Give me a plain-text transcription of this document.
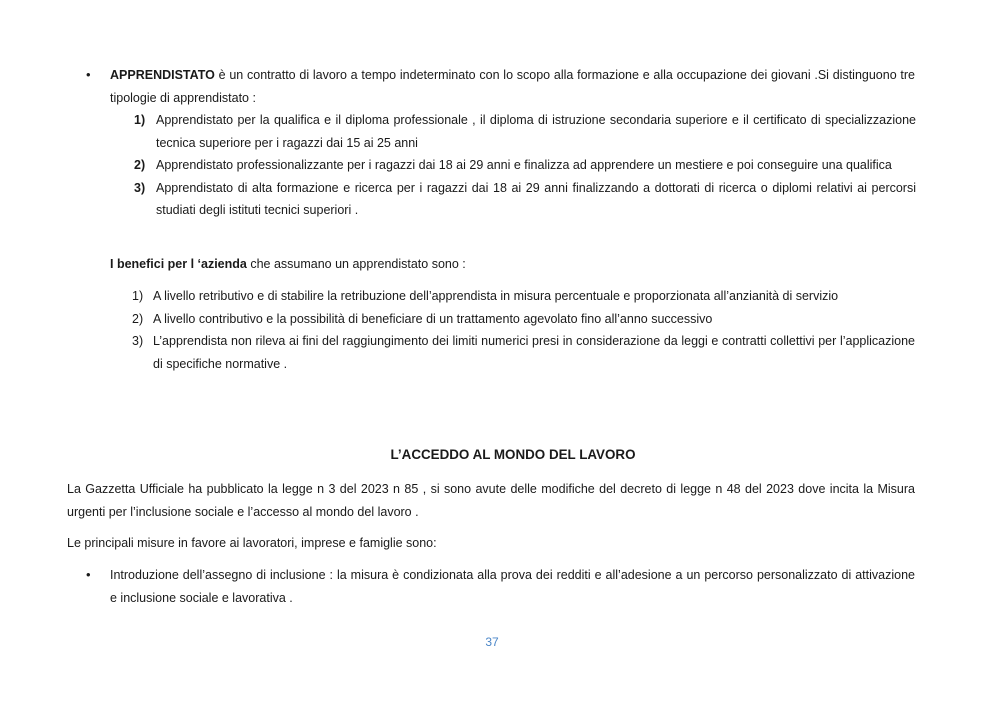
•	APPRENDISTATO è un contratto di lavoro a tempo indeterminato con lo scopo alla formazione e alla occupazione dei giovani .Si distinguono tre tipologie di apprendistato :
1) Apprendistato per la qualifica e il diploma professionale , il diploma di istruzione secondaria superiore e il certificato di specializzazione tecnica superiore per i ragazzi dai 15 ai 25 anni
2) Apprendistato professionalizzante per i ragazzi dai 18 ai 29 anni e finalizza ad apprendere un mestiere e poi conseguire una qualifica
3) Apprendistato di alta formazione e ricerca per i ragazzi dai 18 ai 29 anni finalizzando a dottorati di ricerca o diplomi relativi ai percorsi studiati degli istituti tecnici superiori .
I benefici per l ‘azienda che assumano un apprendistato sono :
1) A livello retributivo e di stabilire la retribuzione dell’apprendista in misura percentuale e proporzionata all’anzianità di servizio
2) A livello contributivo e la possibilità di beneficiare di un trattamento agevolato fino all’anno successivo
3) L’apprendista non rileva ai fini del raggiungimento dei limiti numerici presi in considerazione da leggi e contratti collettivi per l’applicazione di specifiche normative .
L’ACCEDDO AL MONDO DEL LAVORO
La Gazzetta Ufficiale ha pubblicato la legge n 3 del 2023 n 85 , si sono avute delle modifiche del decreto di legge n 48 del 2023 dove incita la Misura urgenti per l’inclusione sociale e l’accesso al mondo del lavoro .
Le principali misure in favore ai lavoratori, imprese e famiglie sono:
•	Introduzione dell’assegno di inclusione : la misura è condizionata alla prova dei redditi e all’adesione a un percorso personalizzato di attivazione e inclusione sociale e lavorativa .
37
